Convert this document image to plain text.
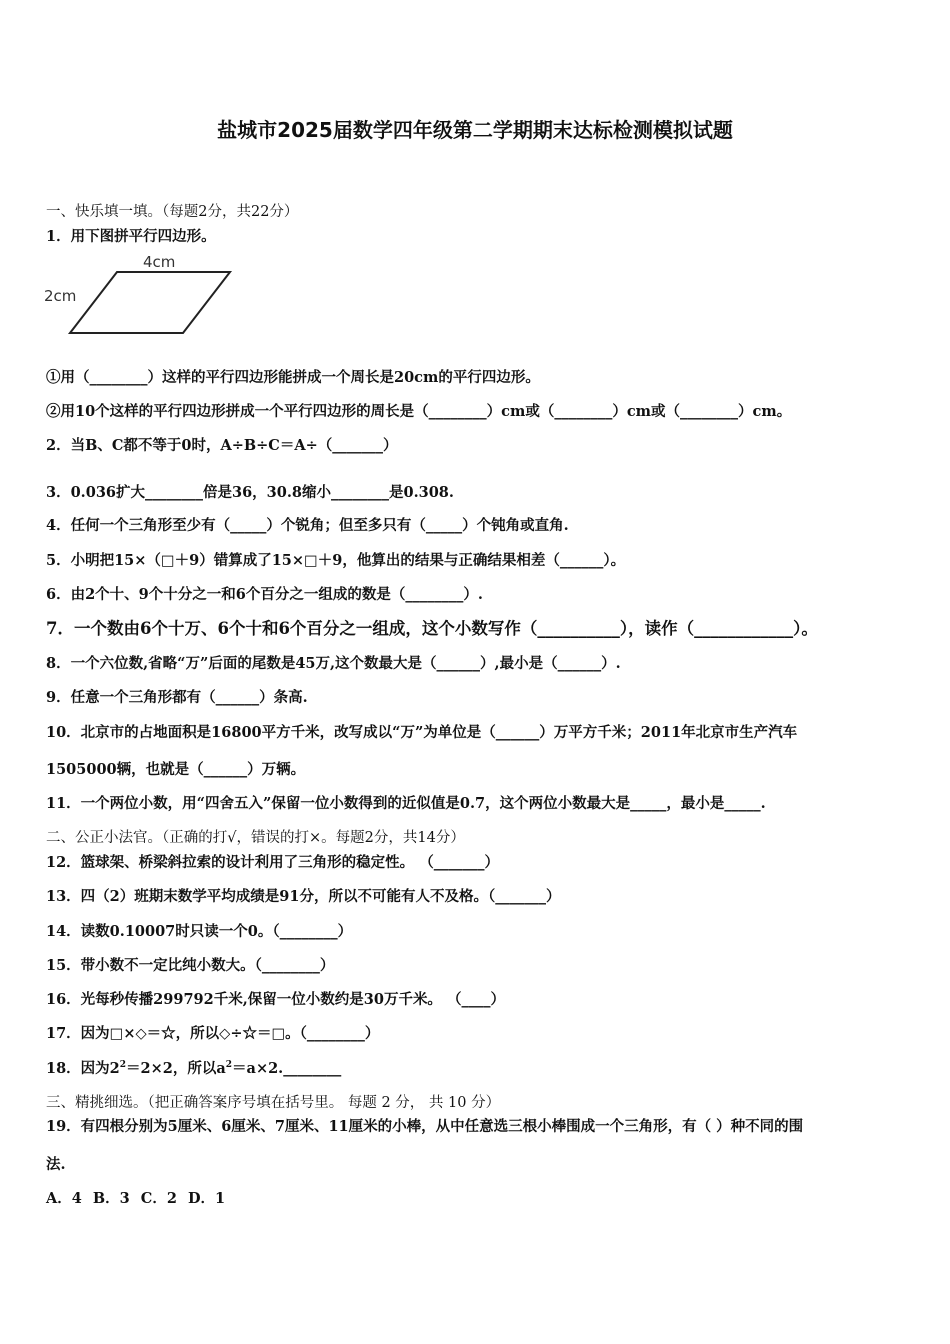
盐城市2025届数学四年级第二学期期末达标检测模拟试题
一、快乐填一填。（每题2分，共22分）
1．用下图拼平行四边形。
4cm
2cm
①用（________）这样的平行四边形能拼成一个周长是20cm的平行四边形。
②用10个这样的平行四边形拼成一个平行四边形的周长是（________）cm或（________）cm或（________）cm。
2．当B、C都不等于0时，A÷B÷C＝A÷（_______）
3．0.036扩大________倍是36，30.8缩小________是0.308.
4．任何一个三角形至少有（_____）个锐角；但至多只有（_____）个钝角或直角.
5．小明把15×（□＋9）错算成了15×□＋9，他算出的结果与正确结果相差（______）。
6．由2个十、9个十分之一和6个百分之一组成的数是（________）.
7．一个数由6个十万、6个十和6个百分之一组成，这个小数写作（__________），读作（____________）。
8．一个六位数,省略“万”后面的尾数是45万,这个数最大是（______）,最小是（______）.
9．任意一个三角形都有（______）条高.
10．北京市的占地面积是16800平方千米，改写成以“万”为单位是（______）万平方千米；2011年北京市生产汽车
1505000辆，也就是（______）万辆。
11．一个两位小数，用“四舍五入”保留一位小数得到的近似值是0.7，这个两位小数最大是_____，最小是_____.
二、公正小法官。（正确的打√，错误的打×。每题2分，共14分）
12．篮球架、桥梁斜拉索的设计利用了三角形的稳定性。 （_______）
13．四（2）班期末数学平均成绩是91分，所以不可能有人不及格。（_______）
14．读数0.10007时只读一个0。（________）
15．带小数不一定比纯小数大。（________）
16．光每秒传播299792千米,保留一位小数约是30万千米。 （____）
17．因为□×◇＝☆，所以◇÷☆＝□。（________）
18．因为$2^2=2\times 2$，所以$a^2=a\times 2.\_\_\_\_\_\_\_\_$
三、精挑细选。（把正确答案序号填在括号里。 每题 2 分， 共 10 分）
19．有四根分别为5厘米、6厘米、7厘米、11厘米的小棒，从中任意选三根小棒围成一个三角形，有（ ）种不同的围
法.
A．4 B．3 C．2 D．1
